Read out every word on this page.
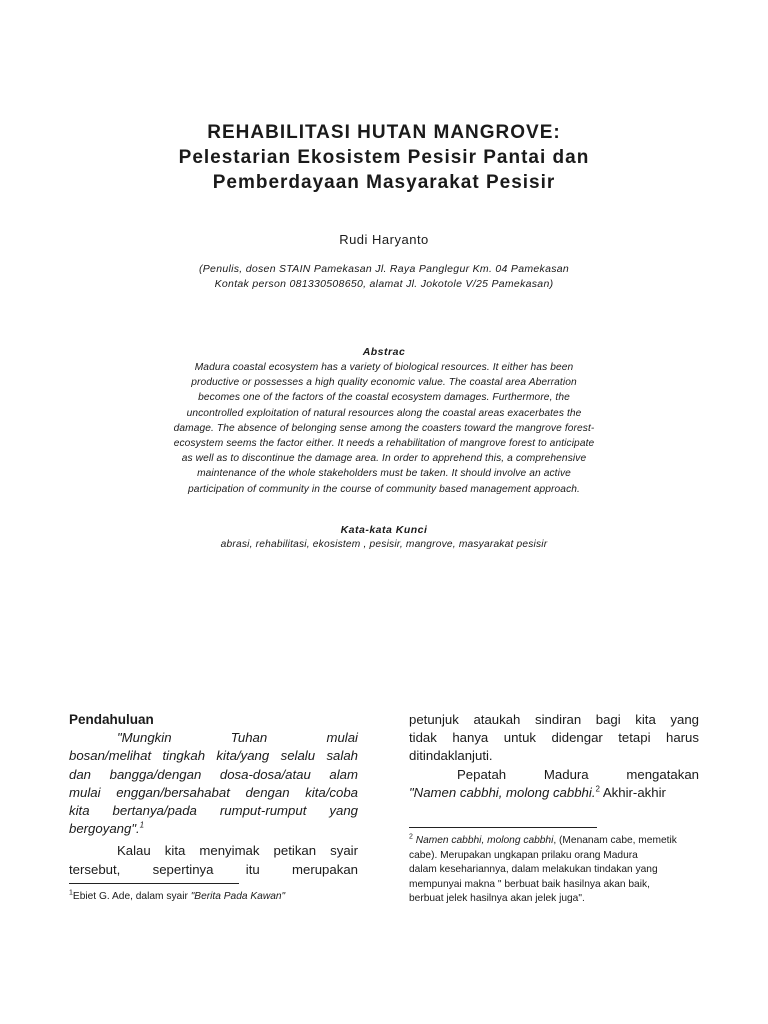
REHABILITASI HUTAN MANGROVE:
Pelestarian Ekosistem Pesisir Pantai dan
Pemberdayaan Masyarakat Pesisir
Rudi Haryanto
(Penulis, dosen STAIN Pamekasan Jl. Raya Panglegur Km. 04 Pamekasan
Kontak person 081330508650, alamat Jl. Jokotole V/25 Pamekasan)
Abstrac
Madura coastal ecosystem has a variety of biological resources. It either has been
productive or possesses a high quality economic value. The coastal area Aberration
becomes one of the factors of the coastal ecosystem damages. Furthermore, the
uncontrolled exploitation of natural resources along the coastal areas exacerbates the
damage. The absence of belonging sense among the coasters toward the mangrove forest-
ecosystem seems the factor either. It needs a rehabilitation of mangrove forest to anticipate
as well as to discontinue the damage area. In order to apprehend this, a comprehensive
maintenance of the whole stakeholders must be taken. It should involve an active
participation of community in the course of community based management approach.
Kata-kata Kunci
abrasi, rehabilitasi, ekosistem , pesisir, mangrove, masyarakat pesisir
Pendahuluan
"Mungkin Tuhan mulai
bosan/melihat tingkah kita/yang selalu salah
dan bangga/dengan dosa-dosa/atau alam
mulai enggan/bersahabat dengan kita/coba
kita bertanya/pada rumput-rumput yang
bergoyang".$^1$
Kalau kita menyimak petikan syair
tersebut, sepertinya itu merupakan
$^1$Ebiet G. Ade, dalam syair "Berita Pada Kawan"
petunjuk ataukah sindiran bagi kita yang
tidak hanya untuk didengar tetapi harus
ditindaklanjuti.
Pepatah Madura mengatakan
"Namen cabbhi, molong cabbhi.$^2$ Akhir-akhir
$^2$ Namen cabbhi, molong cabbhi, (Menanam cabe, memetik
cabe). Merupakan ungkapan prilaku orang Madura
dalam kesehariannya, dalam melakukan tindakan yang
mempunyai makna " berbuat baik hasilnya akan baik,
berbuat jelek hasilnya akan jelek juga".
